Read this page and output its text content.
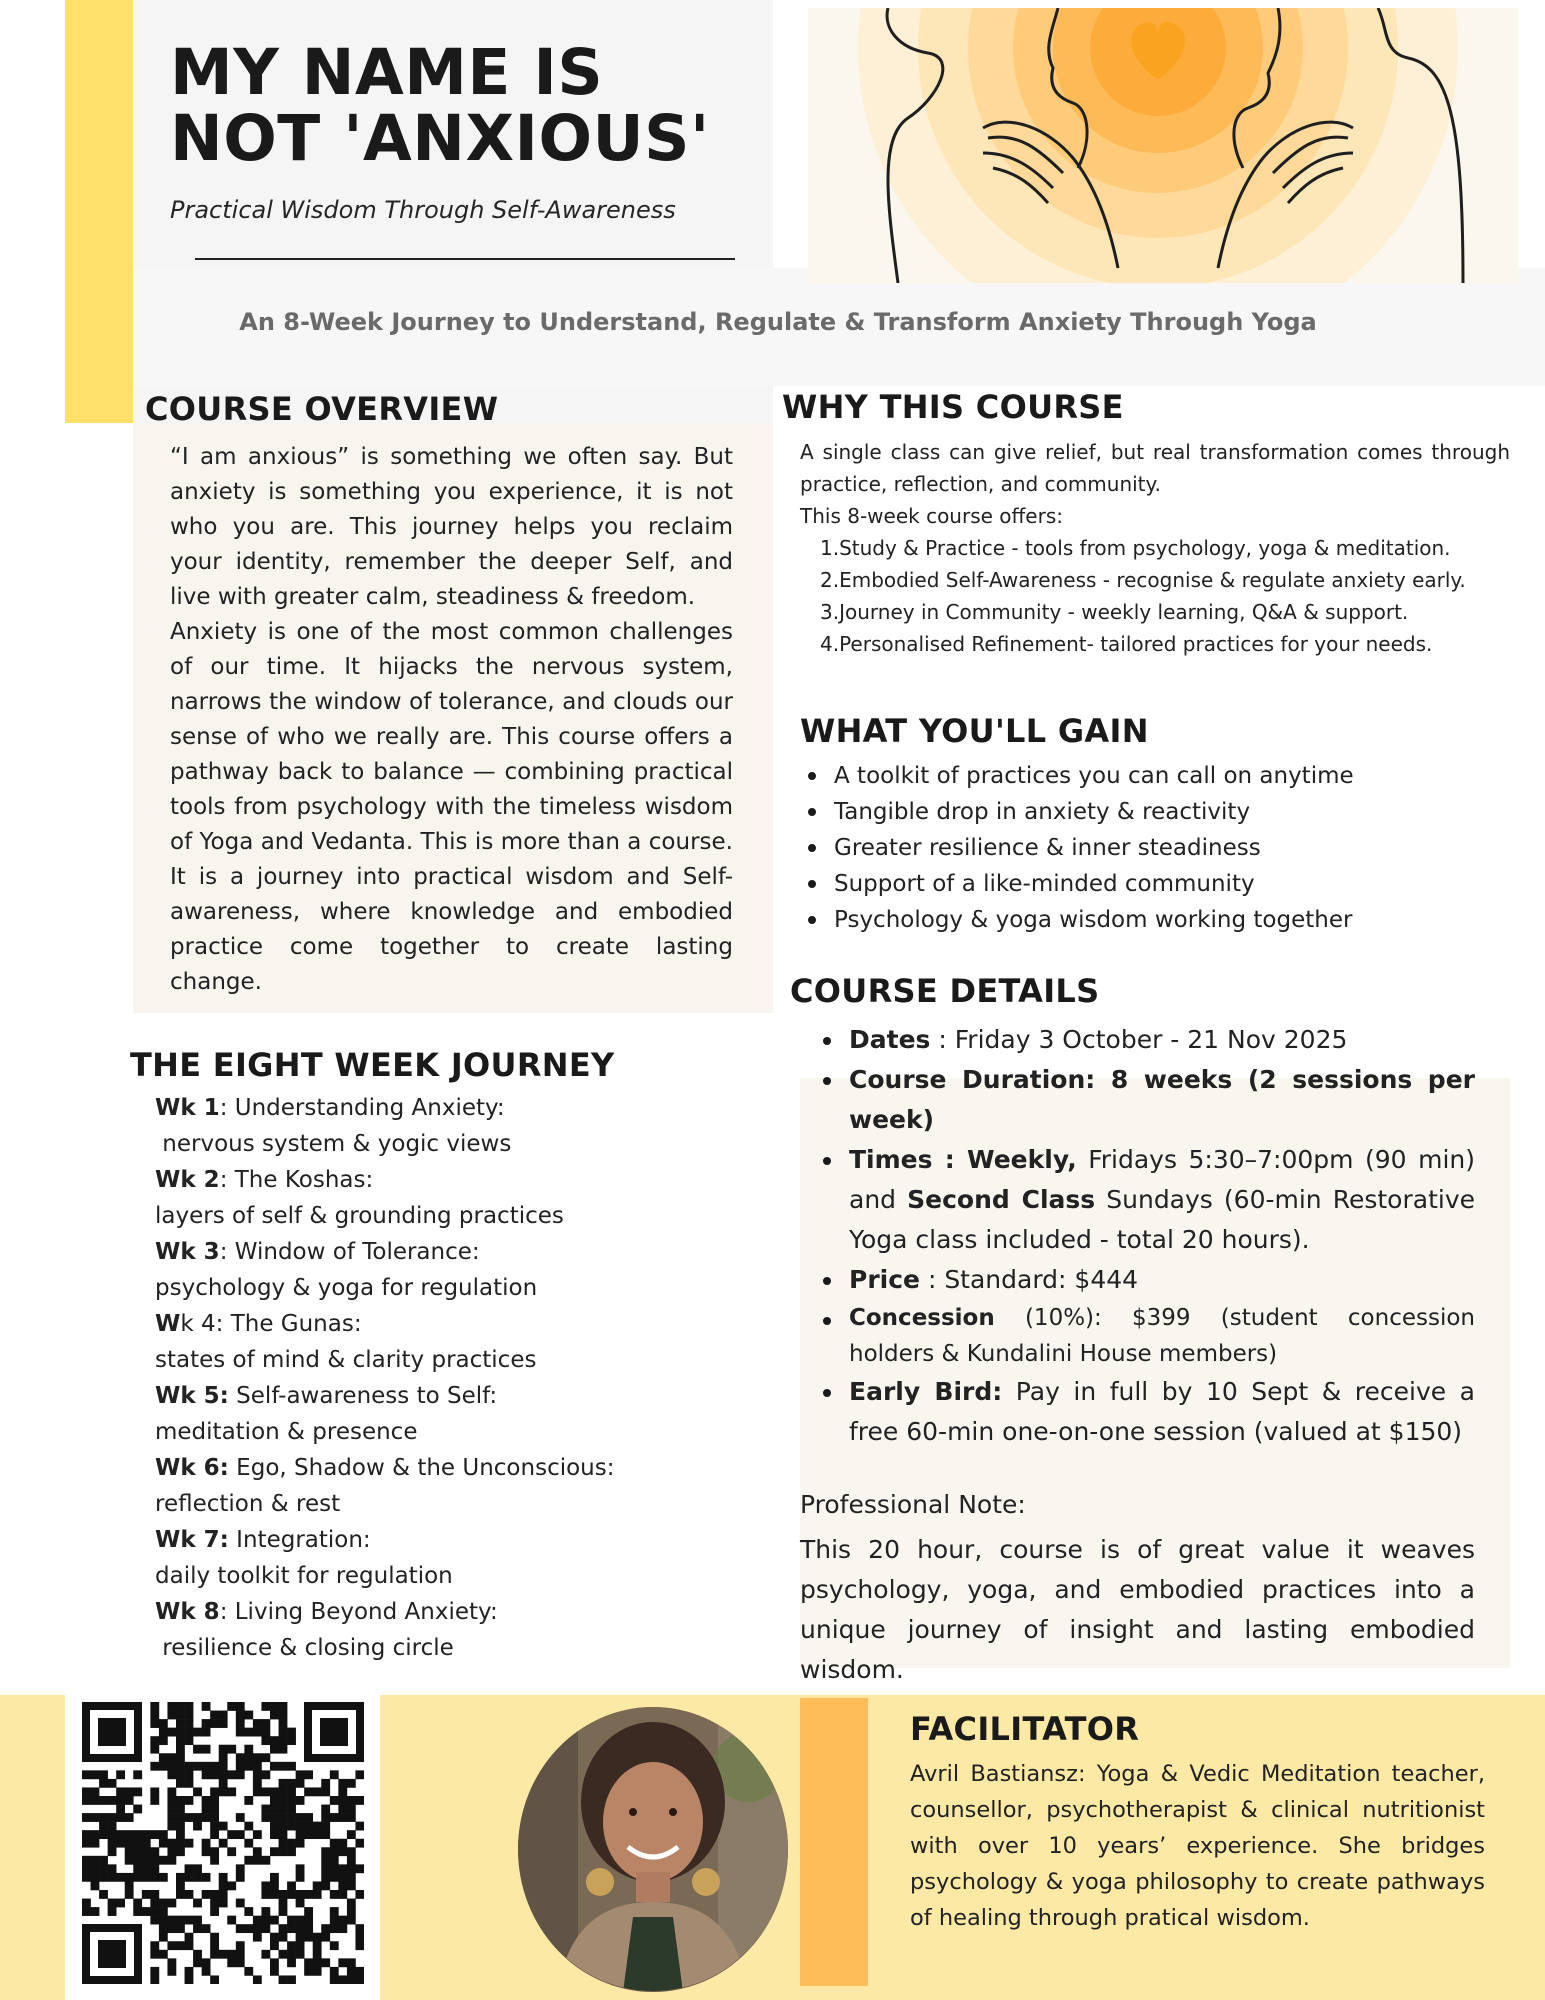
MY NAME IS NOT 'ANXIOUS'
Practical Wisdom Through Self-Awareness
An 8-Week Journey to Understand, Regulate & Transform Anxiety Through Yoga
COURSE OVERVIEW

“I am anxious” is something we often say. But anxiety is something you experience, it is not who you are. This journey helps you reclaim your identity, remember the deeper Self, and live with greater calm, steadiness & freedom.

Anxiety is one of the most common challenges of our time. It hijacks the nervous system, narrows the window of tolerance, and clouds our sense of who we really are. This course offers a pathway back to balance — combining practical tools from psychology with the timeless wisdom of Yoga and Vedanta. This is more than a course. It is a journey into practical wisdom and Self-awareness, where knowledge and embodied practice come together to create lasting change.

WHY THIS COURSE
A single class can give relief, but real transformation comes through practice, reflection, and community.
This 8-week course offers:
1.Study & Practice - tools from psychology, yoga & meditation.
2.Embodied Self-Awareness - recognise & regulate anxiety early.
3.Journey in Community - weekly learning, Q&A & support.
4.Personalised Refinement- tailored practices for your needs.
WHAT YOU'LL GAIN
A toolkit of practices you can call on anytime
Tangible drop in anxiety & reactivity
Greater resilience & inner steadiness
Support of a like-minded community
Psychology & yoga wisdom working together
COURSE DETAILS
Dates : Friday 3 October - 21 Nov 2025
Course Duration: 8 weeks (2 sessions per week)
Times : Weekly, Fridays 5:30–7:00pm (90 min) and Second Class Sundays (60-min Restorative Yoga class included - total 20 hours).
Price : Standard: $444
Concession (10%): $399 (student concession holders & Kundalini House members)
Early Bird: Pay in full by 10 Sept & receive a free 60-min one-on-one session (valued at $150)
Professional Note:
This 20 hour, course is of great value it weaves psychology, yoga, and embodied practices into a unique journey of insight and lasting embodied wisdom.
THE EIGHT WEEK JOURNEY
Wk 1: Understanding Anxiety:
nervous system & yogic views
Wk 2: The Koshas:
layers of self & grounding practices
Wk 3: Window of Tolerance:
psychology & yoga for regulation
Wk 4: The Gunas:
states of mind & clarity practices
Wk 5: Self-awareness to Self:
meditation & presence
Wk 6: Ego, Shadow & the Unconscious:
reflection & rest
Wk 7: Integration:
daily toolkit for regulation
Wk 8: Living Beyond Anxiety:
resilience & closing circle
FACILITATOR
Avril Bastiansz: Yoga & Vedic Meditation teacher, counsellor, psychotherapist & clinical nutritionist with over 10 years’ experience. She bridges psychology & yoga philosophy to create pathways of healing through pratical wisdom.
